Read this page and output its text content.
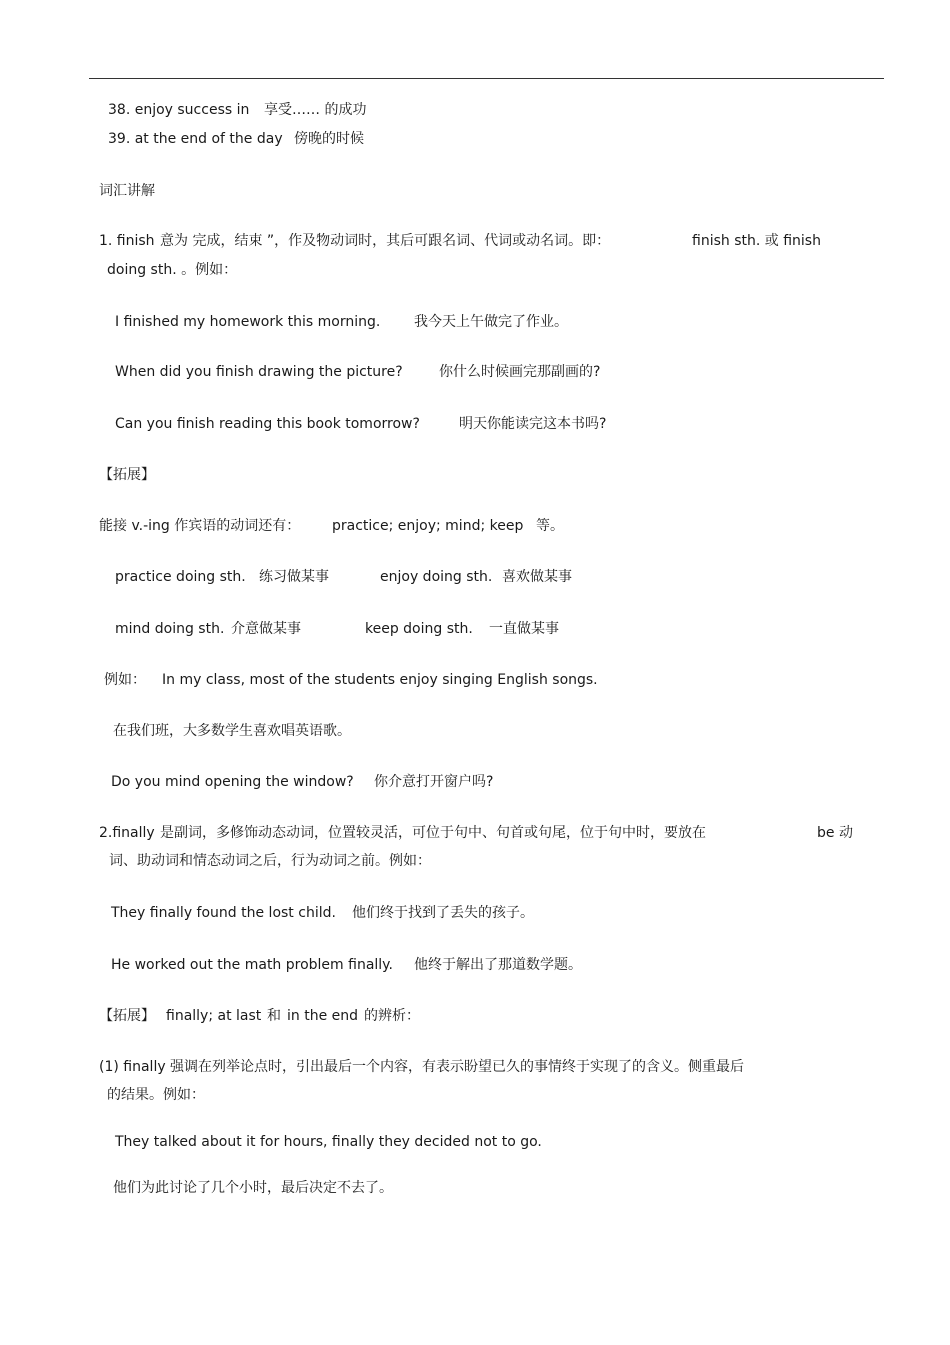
38. enjoy success in 享受…… 的成功
39. at the end of the day 傍晚的时候
词汇讲解
1. finish 意为 完成，结束 ”，作及物动词时，其后可跟名词、代词或动名词。即：	finish sth. 或 finish
doing sth. 。例如：
I finished my homework this morning. 我今天上午做完了作业。
When did you finish drawing the picture?	你什么时候画完那副画的?
Can you finish reading this book tomorrow?	明天你能读完这本书吗?
【拓展】
能接 v.-ing 作宾语的动词还有： practice; enjoy; mind; keep 等。
practice doing sth. 练习做某事	enjoy doing sth. 喜欢做某事
mind doing sth. 介意做某事	keep doing sth. 一直做某事
例如： In my class, most of the students enjoy singing English songs.
在我们班，大多数学生喜欢唱英语歌。
Do you mind opening the window? 你介意打开窗户吗?
2.finally 是副词，多修饰动态动词，位置较灵活，可位于句中、句首或句尾，位于句中时，要放在	be 动
词、助动词和情态动词之后，行为动词之前。例如：
They finally found the lost child. 他们终于找到了丢失的孩子。
He worked out the math problem finally. 他终于解出了那道数学题。
【拓展】 finally; at last 和 in the end 的辨析：
(1) finally 强调在列举论点时，引出最后一个内容，有表示盼望已久的事情终于实现了的含义。侧重最后
的结果。例如：
They talked about it for hours, finally they decided not to go.
他们为此讨论了几个小时，最后决定不去了。
